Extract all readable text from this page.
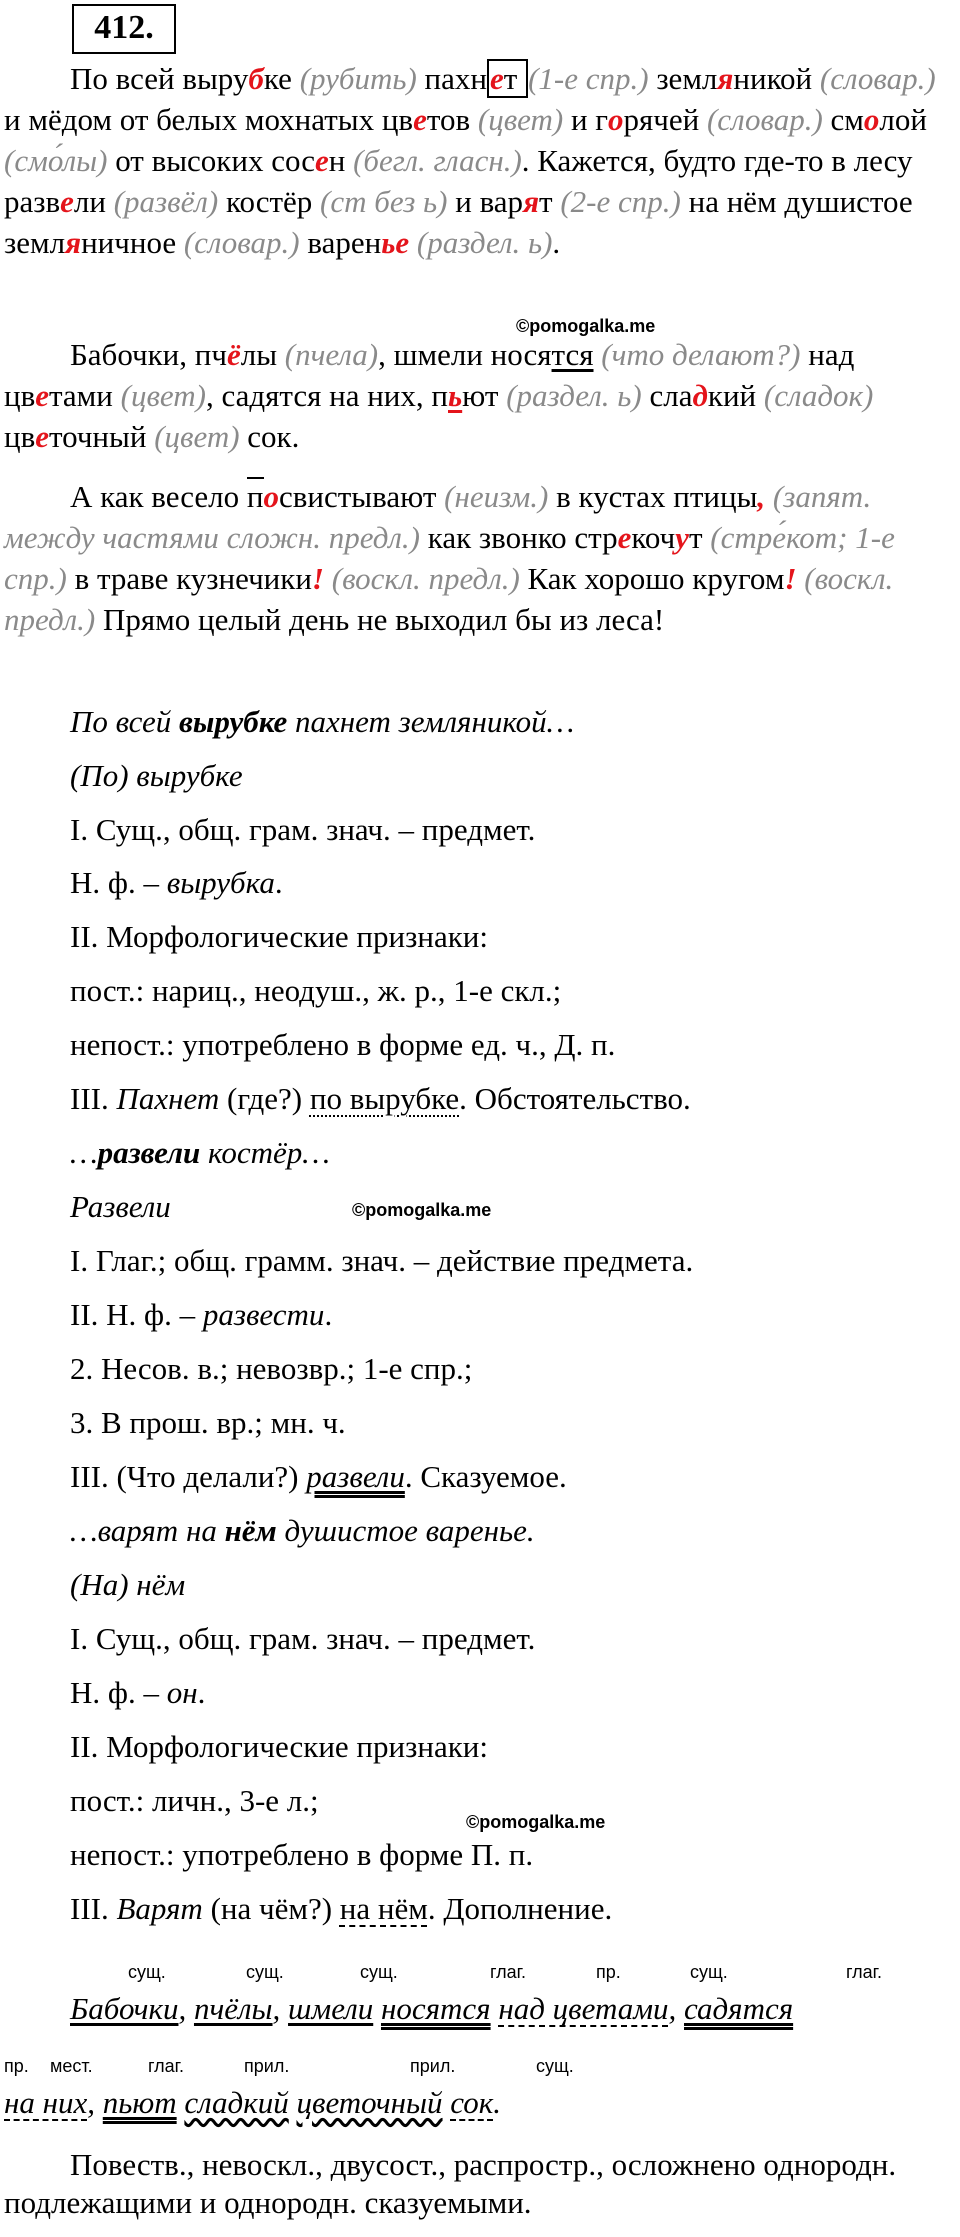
412.
По всей вырубке (рубить) пахнет (1-е спр.) земляникой (словар.) и мёдом от белых мохнатых цветов (цвет) и горячей (словар.) смолой (смо́лы) от высоких сосен (бегл. гласн.). Кажется, будто где-то в лесу развели (развёл) костёр (ст без ь) и варят (2-е спр.) на нём душистое земляничное (словар.) варенье (раздел. ь).
©pomogalka.me
Бабочки, пчёлы (пчела), шмели носятся (что делают?) над цветами (цвет), садятся на них, пьют (раздел. ь) сладкий (сладок) цветочный (цвет) сок.
А как весело посвистывают (неизм.) в кустах птицы, (запят. между частями сложн. предл.) как звонко стрекочут (стре́кот; 1-е спр.) в траве кузнечики! (воскл. предл.) Как хорошо кругом! (воскл. предл.) Прямо целый день не выходил бы из леса!
По всей вырубке пахнет земляникой…
(По) вырубке
I. Сущ., общ. грам. знач. – предмет.
Н. ф. – вырубка.
II. Морфологические признаки:
пост.: нариц., неодуш., ж. р., 1-е скл.;
непост.: употреблено в форме ед. ч., Д. п.
III. Пахнет (где?) по вырубке. Обстоятельство.
…развели костёр…
Развели	©pomogalka.me
I. Глаг.; общ. грамм. знач. – действие предмета.
II. Н. ф. – развести.
2. Несов. в.; невозвр.; 1-е спр.;
3. В прош. вр.; мн. ч.
III. (Что делали?) развели. Сказуемое.
…варят на нём душистое варенье.
(На) нём
I. Сущ., общ. грам. знач. – предмет.
Н. ф. – он.
II. Морфологические признаки:
пост.: личн., 3-е л.;
©pomogalka.me
непост.: употреблено в форме П. п.
III. Варят (на чём?) на нём. Дополнение.
сущ.	сущ.	сущ.	глаг.	пр.	сущ.	глаг.
Бабочки, пчёлы, шмели носятся над цветами, садятся
пр. мест.	глаг.	прил.	прил.	сущ.
на них, пьют сладкий цветочный сок.
Повеств., невоскл., двусост., распростр., осложнено однородн. подлежащими и однородн. сказуемыми.
